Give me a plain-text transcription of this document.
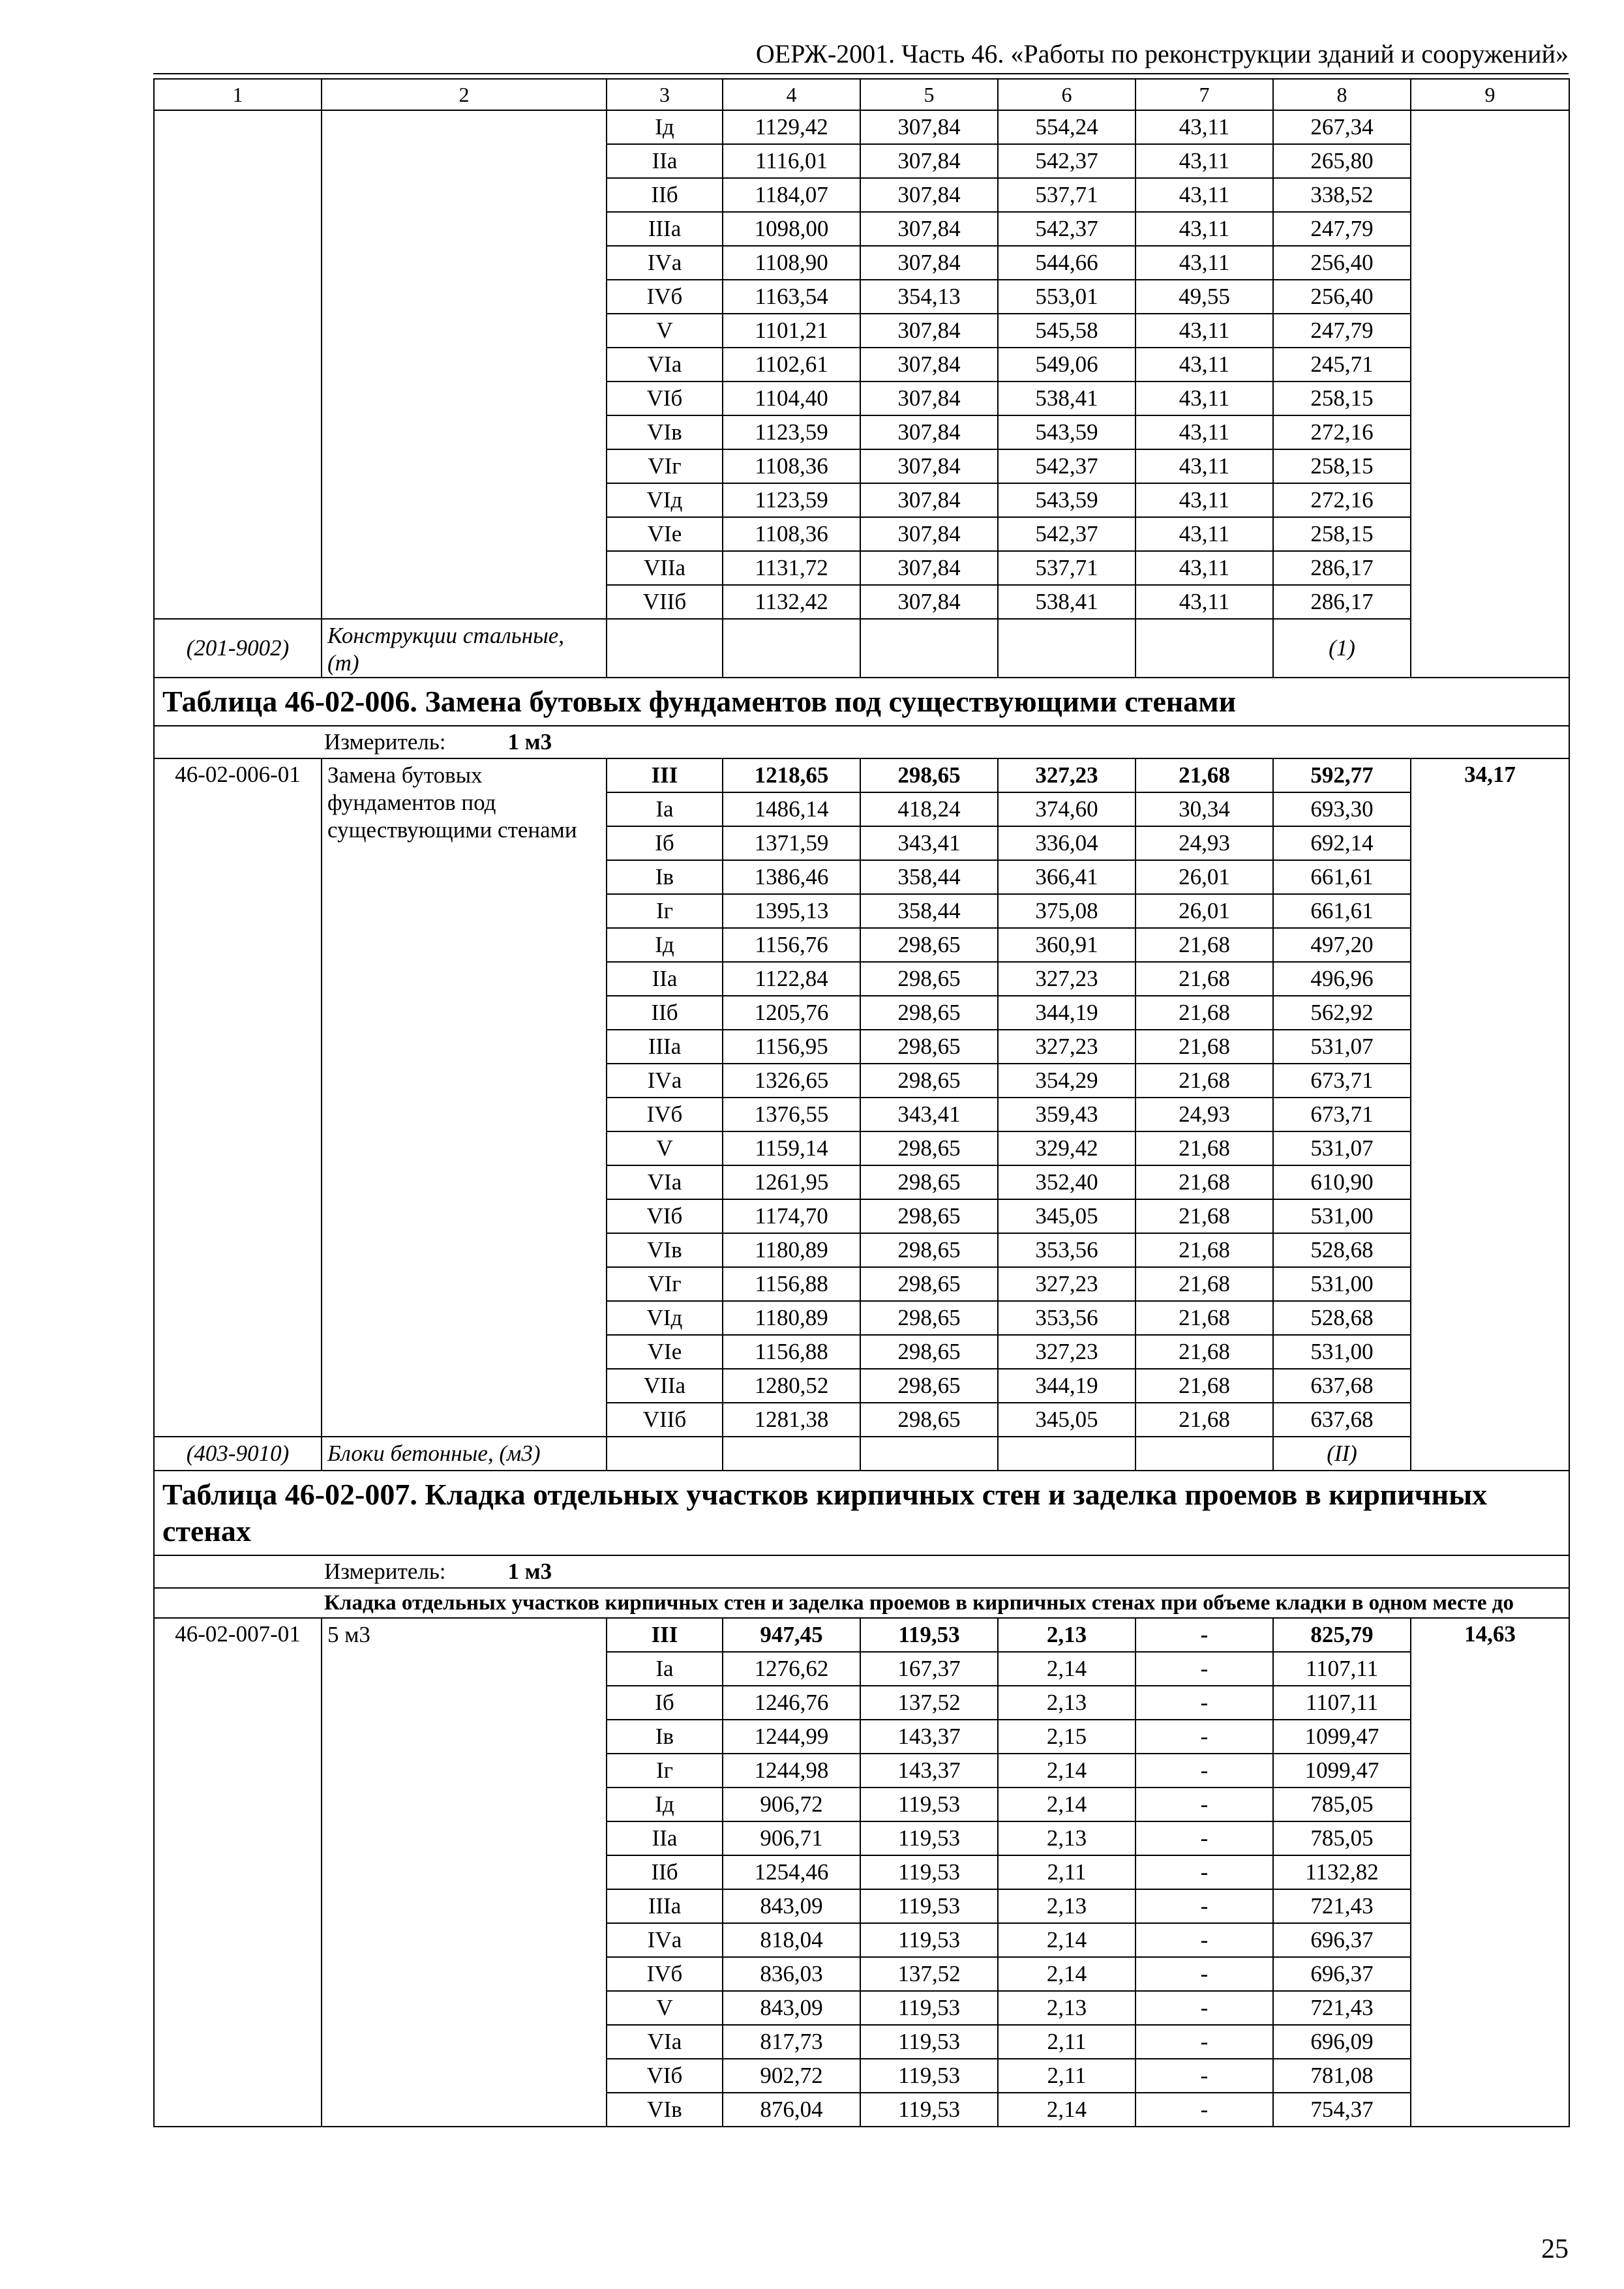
ОЕРЖ-2001. Часть 46. «Работы по реконструкции зданий и сооружений»
1	2	3	4	5	6	7	8	9
		Iд	1129,42	307,84	554,24	43,11	267,34	
		IIа	1116,01	307,84	542,37	43,11	265,80	
		IIб	1184,07	307,84	537,71	43,11	338,52	
		IIIа	1098,00	307,84	542,37	43,11	247,79	
		IVа	1108,90	307,84	544,66	43,11	256,40	
		IVб	1163,54	354,13	553,01	49,55	256,40	
		V	1101,21	307,84	545,58	43,11	247,79	
		VIа	1102,61	307,84	549,06	43,11	245,71	
		VIб	1104,40	307,84	538,41	43,11	258,15	
		VIв	1123,59	307,84	543,59	43,11	272,16	
		VIг	1108,36	307,84	542,37	43,11	258,15	
		VIд	1123,59	307,84	543,59	43,11	272,16	
		VIе	1108,36	307,84	542,37	43,11	258,15	
		VIIа	1131,72	307,84	537,71	43,11	286,17	
		VIIб	1132,42	307,84	538,41	43,11	286,17	
(201-9002)	Конструкции стальные, (т)						(1)	
Таблица 46-02-006. Замена бутовых фундаментов под существующими стенами								
Измеритель: 1 м3								
46-02-006-01	Замена бутовых фундаментов под существующими стенами	III	1218,65	298,65	327,23	21,68	592,77	34,17
		Iа	1486,14	418,24	374,60	30,34	693,30	
		Iб	1371,59	343,41	336,04	24,93	692,14	
		Iв	1386,46	358,44	366,41	26,01	661,61	
		Iг	1395,13	358,44	375,08	26,01	661,61	
		Iд	1156,76	298,65	360,91	21,68	497,20	
		IIа	1122,84	298,65	327,23	21,68	496,96	
		IIб	1205,76	298,65	344,19	21,68	562,92	
		IIIа	1156,95	298,65	327,23	21,68	531,07	
		IVа	1326,65	298,65	354,29	21,68	673,71	
		IVб	1376,55	343,41	359,43	24,93	673,71	
		V	1159,14	298,65	329,42	21,68	531,07	
		VIа	1261,95	298,65	352,40	21,68	610,90	
		VIб	1174,70	298,65	345,05	21,68	531,00	
		VIв	1180,89	298,65	353,56	21,68	528,68	
		VIг	1156,88	298,65	327,23	21,68	531,00	
		VIд	1180,89	298,65	353,56	21,68	528,68	
		VIе	1156,88	298,65	327,23	21,68	531,00	
		VIIа	1280,52	298,65	344,19	21,68	637,68	
		VIIб	1281,38	298,65	345,05	21,68	637,68	
(403-9010)	Блоки бетонные, (м3)						(II)	
Таблица 46-02-007. Кладка отдельных участков кирпичных стен и заделка проемов в кирпичных стенах								
Измеритель: 1 м3								
Кладка отдельных участков кирпичных стен и заделка проемов в кирпичных стенах при объеме кладки в одном месте до								
46-02-007-01	5 м3	III	947,45	119,53	2,13	-	825,79	14,63
		Iа	1276,62	167,37	2,14	-	1107,11	
		Iб	1246,76	137,52	2,13	-	1107,11	
		Iв	1244,99	143,37	2,15	-	1099,47	
		Iг	1244,98	143,37	2,14	-	1099,47	
		Iд	906,72	119,53	2,14	-	785,05	
		IIа	906,71	119,53	2,13	-	785,05	
		IIб	1254,46	119,53	2,11	-	1132,82	
		IIIа	843,09	119,53	2,13	-	721,43	
		IVа	818,04	119,53	2,14	-	696,37	
		IVб	836,03	137,52	2,14	-	696,37	
		V	843,09	119,53	2,13	-	721,43	
		VIа	817,73	119,53	2,11	-	696,09	
		VIб	902,72	119,53	2,11	-	781,08	
		VIв	876,04	119,53	2,14	-	754,37	
25
